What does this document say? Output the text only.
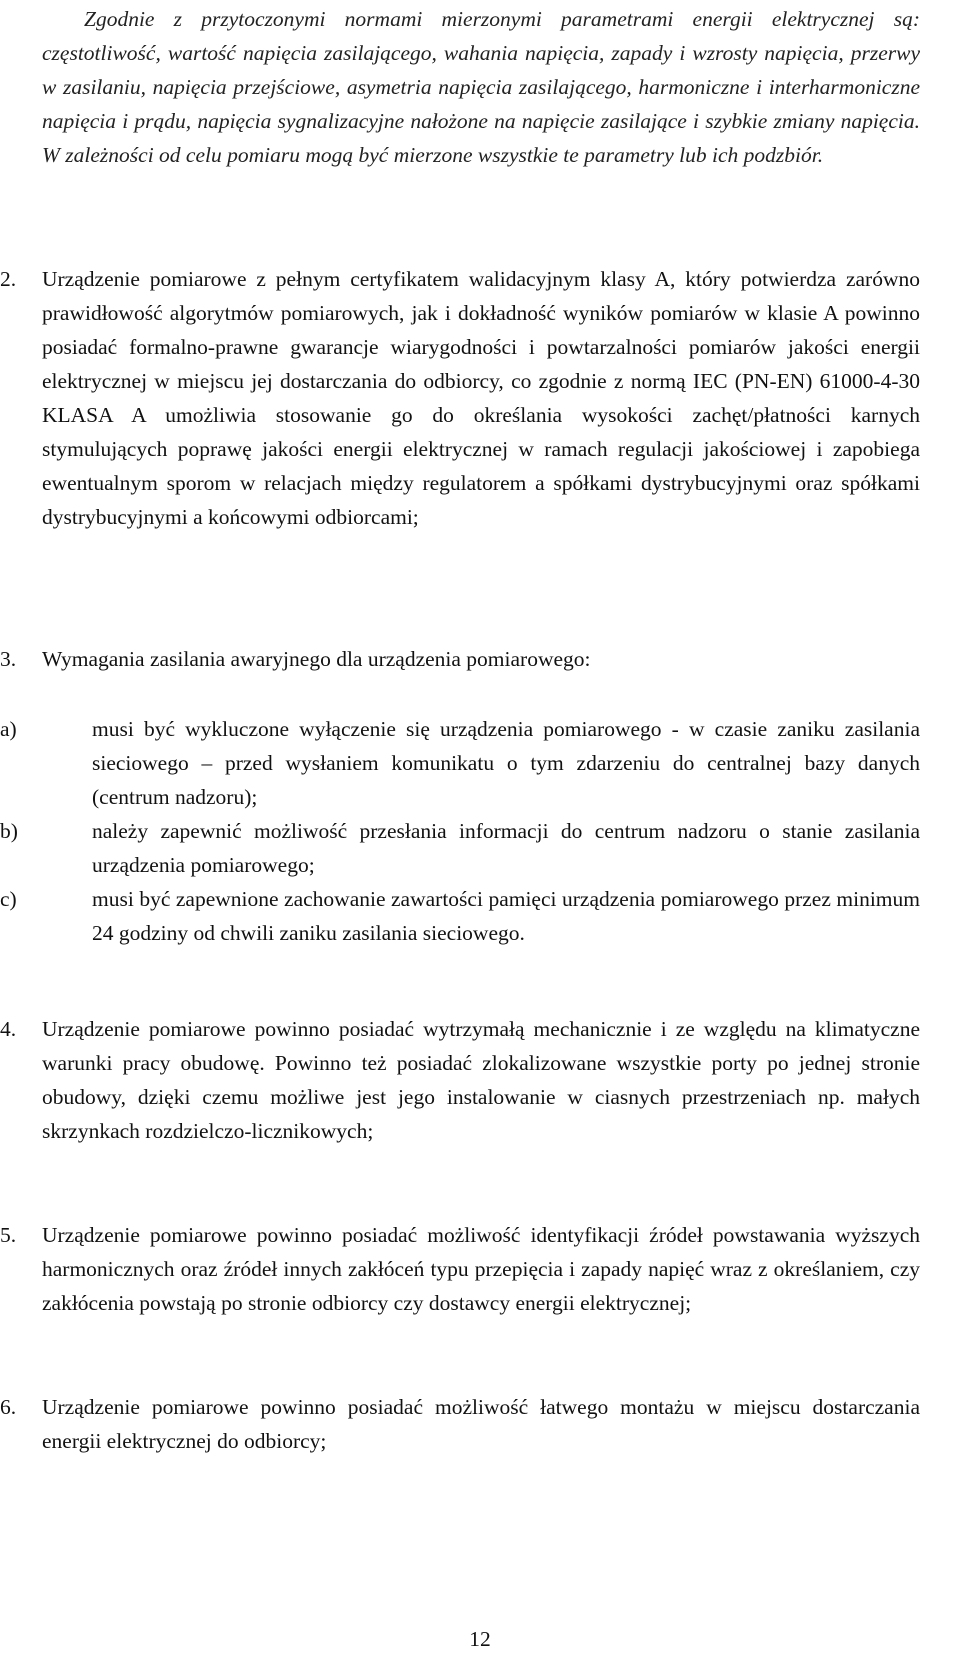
Zgodnie z przytoczonymi normami mierzonymi parametrami energii elektrycznej są: częstotliwość, wartość napięcia zasilającego, wahania napięcia, zapady i wzrosty napięcia, przerwy w zasilaniu, napięcia przejściowe, asymetria napięcia zasilającego, harmoniczne i interharmoniczne napięcia i prądu, napięcia sygnalizacyjne nałożone na napięcie zasilające i szybkie zmiany napięcia. W zależności od celu pomiaru mogą być mierzone wszystkie te parametry lub ich podzbiór.

2. Urządzenie pomiarowe z pełnym certyfikatem walidacyjnym klasy A, który potwierdza zarówno prawidłowość algorytmów pomiarowych, jak i dokładność wyników pomiarów w klasie A powinno posiadać formalno-prawne gwarancje wiarygodności i powtarzalności pomiarów jakości energii elektrycznej w miejscu jej dostarczania do odbiorcy, co zgodnie z normą IEC (PN-EN) 61000-4-30 KLASA A umożliwia stosowanie go do określania wysokości zachęt/płatności karnych stymulujących poprawę jakości energii elektrycznej w ramach regulacji jakościowej i zapobiega ewentualnym sporom w relacjach między regulatorem a spółkami dystrybucyjnymi oraz spółkami dystrybucyjnymi a końcowymi odbiorcami;
3. Wymagania zasilania awaryjnego dla urządzenia pomiarowego:
a)	musi być wykluczone wyłączenie się urządzenia pomiarowego - w czasie zaniku zasilania sieciowego – przed wysłaniem komunikatu o tym zdarzeniu do centralnej bazy danych (centrum nadzoru);
b)	należy zapewnić możliwość przesłania informacji do centrum nadzoru o stanie zasilania urządzenia pomiarowego;
c)	musi być zapewnione zachowanie zawartości pamięci urządzenia pomiarowego przez minimum 24 godziny od chwili zaniku zasilania sieciowego.
4. Urządzenie pomiarowe powinno posiadać wytrzymałą mechanicznie i ze względu na klimatyczne warunki pracy obudowę. Powinno też posiadać zlokalizowane wszystkie porty po jednej stronie obudowy, dzięki czemu możliwe jest jego instalowanie w ciasnych przestrzeniach np. małych skrzynkach rozdzielczo-licznikowych;
5. Urządzenie pomiarowe powinno posiadać możliwość identyfikacji źródeł powstawania wyższych harmonicznych oraz źródeł innych zakłóceń typu przepięcia i zapady napięć wraz z określaniem, czy zakłócenia powstają po stronie odbiorcy czy dostawcy energii elektrycznej;
6. Urządzenie pomiarowe powinno posiadać możliwość łatwego montażu w miejscu dostarczania energii elektrycznej do odbiorcy;
12
